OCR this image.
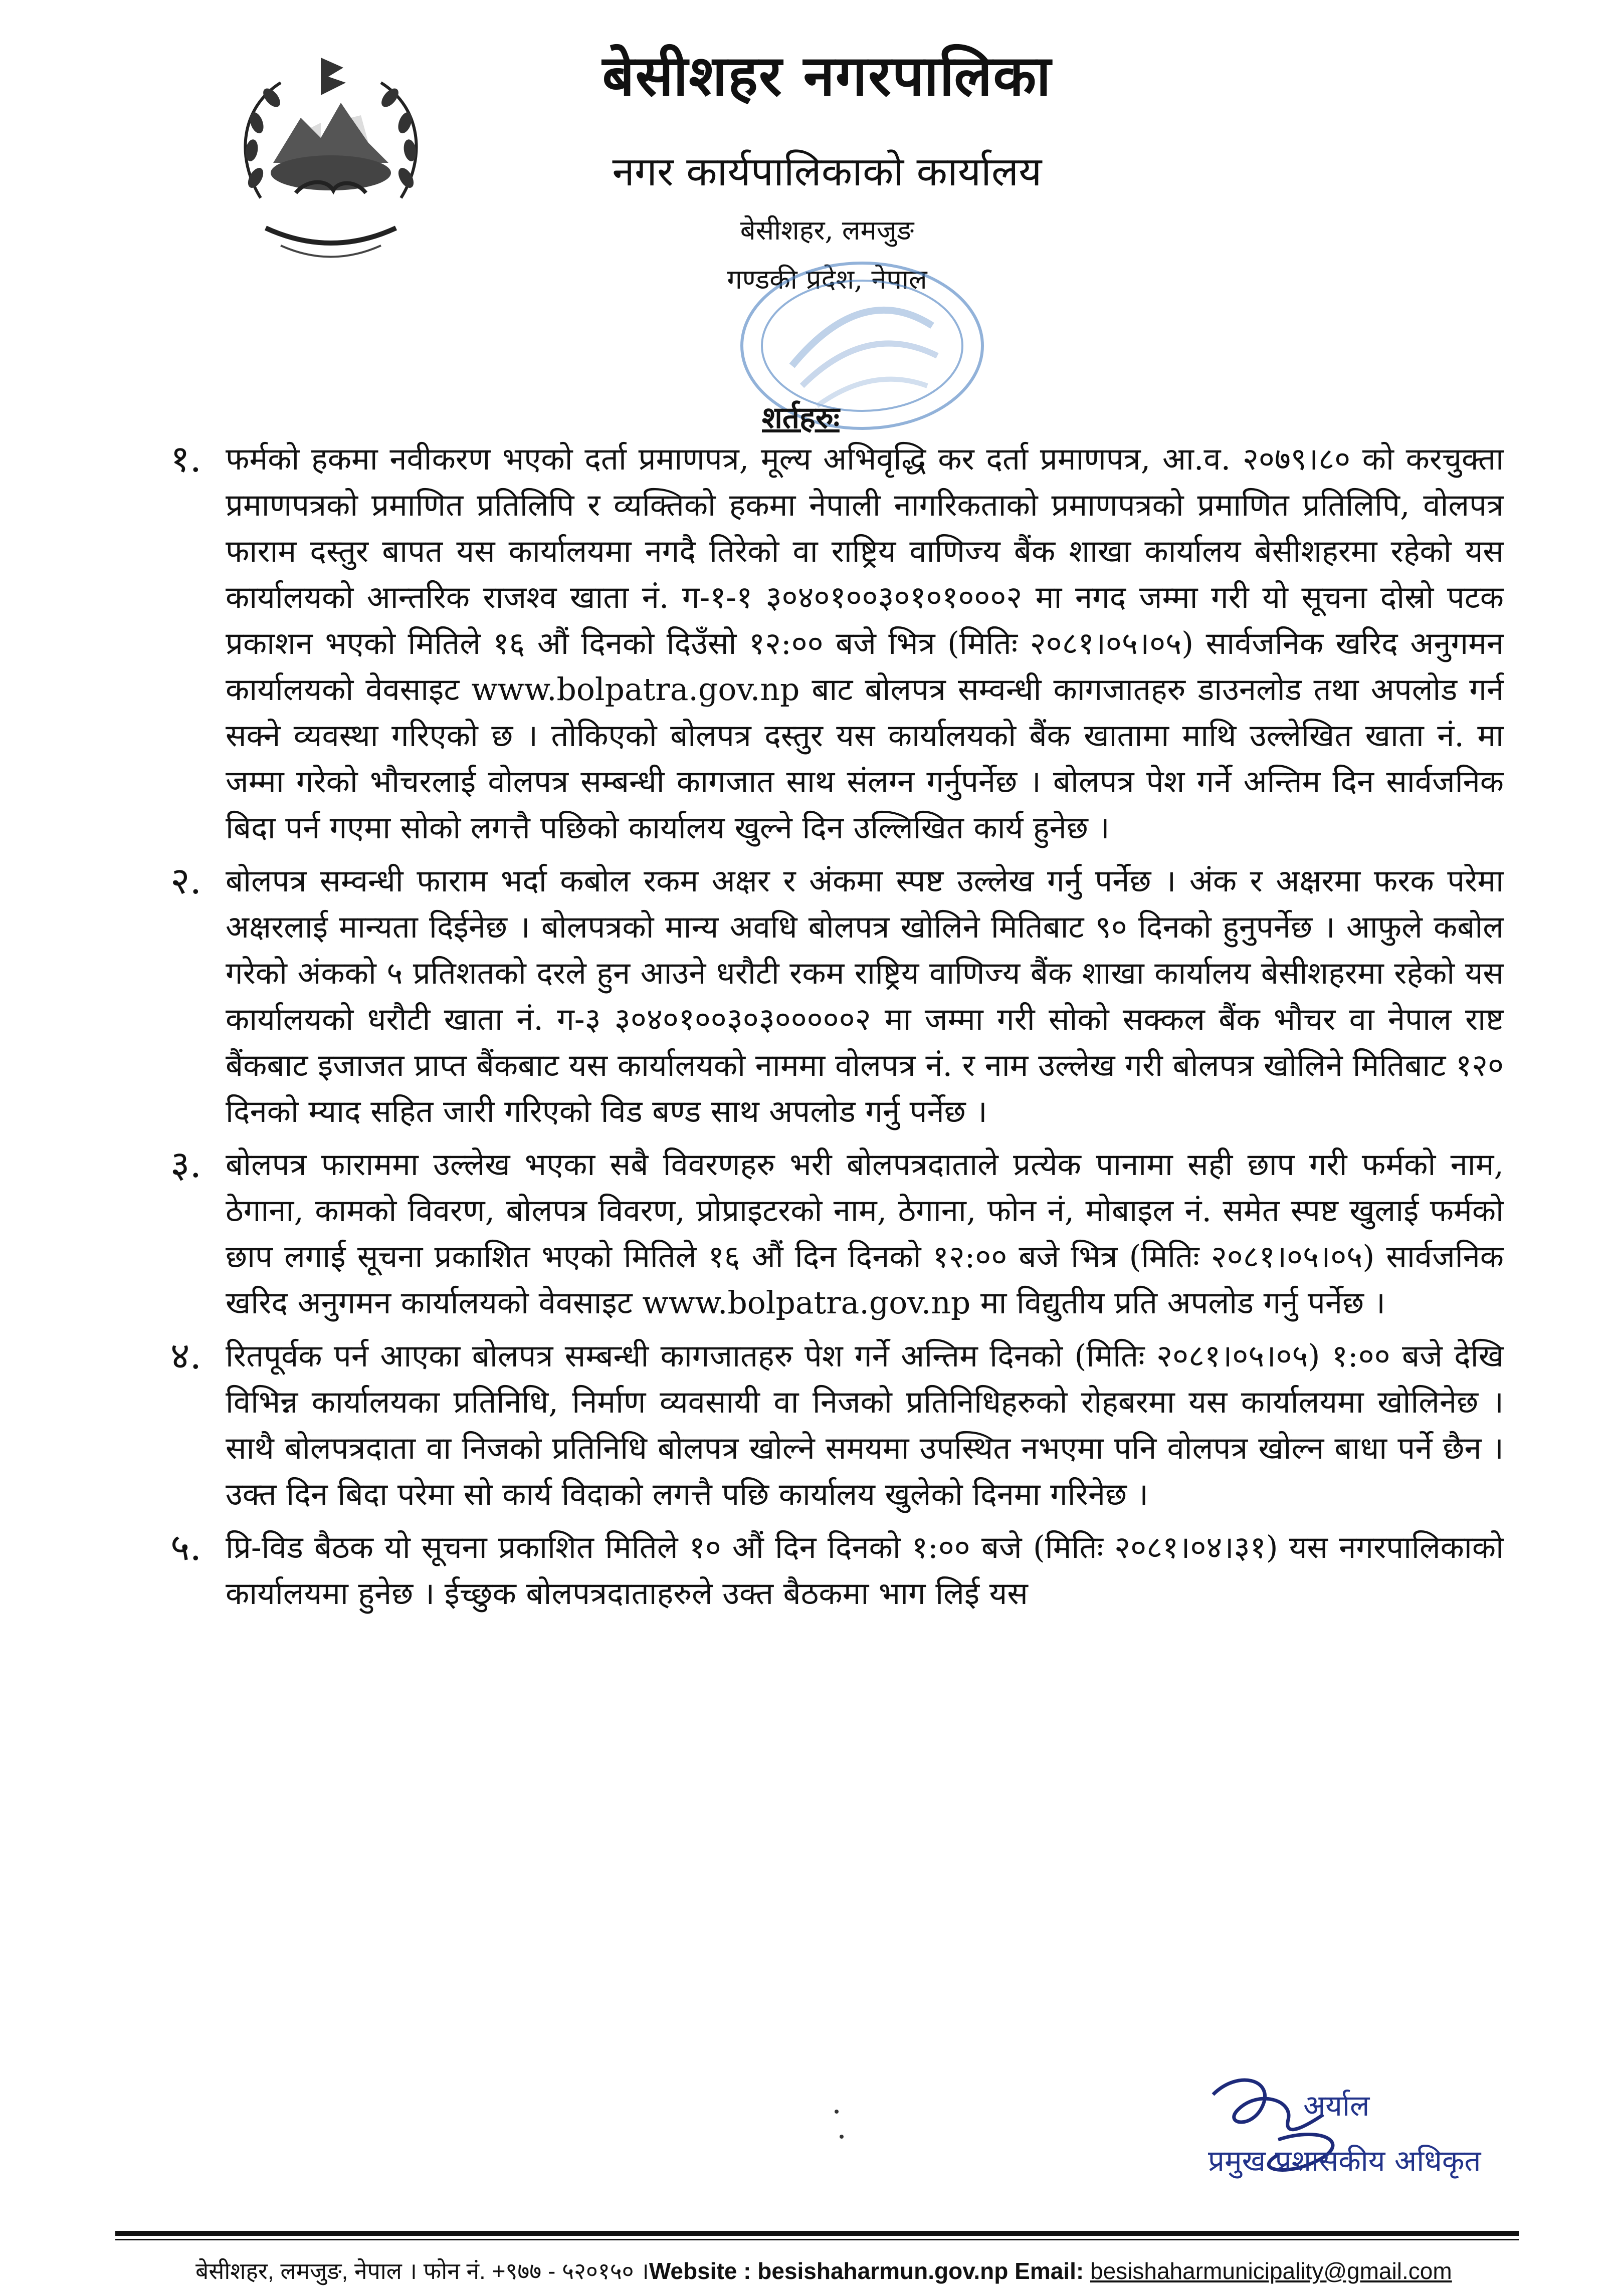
बेसीशहर नगरपालिका
नगर कार्यपालिकाको कार्यालय
बेसीशहर, लमजुङ
गण्डकी प्रदेश, नेपाल
शर्तहरुः
१. फर्मको हकमा नवीकरण भएको दर्ता प्रमाणपत्र, मूल्य अभिवृद्धि कर दर्ता प्रमाणपत्र, आ.व. २०७९।८० को करचुक्ता प्रमाणपत्रको प्रमाणित प्रतिलिपि र व्यक्तिको हकमा नेपाली नागरिकताको प्रमाणपत्रको प्रमाणित प्रतिलिपि, वोलपत्र फाराम दस्तुर बापत यस कार्यालयमा नगदै तिरेको वा राष्ट्रिय वाणिज्य बैंक शाखा कार्यालय बेसीशहरमा रहेको यस कार्यालयको आन्तरिक राजश्व खाता नं. ग-१-१ ३०४०१००३०१०१०००२ मा नगद जम्मा गरी यो सूचना दोस्रो पटक प्रकाशन भएको मितिले १६ औं दिनको दिउँसो १२:०० बजे भित्र (मितिः २०८१।०५।०५) सार्वजनिक खरिद अनुगमन कार्यालयको वेवसाइट www.bolpatra.gov.np बाट बोलपत्र सम्वन्धी कागजातहरु डाउनलोड तथा अपलोड गर्न सक्ने व्यवस्था गरिएको छ । तोकिएको बोलपत्र दस्तुर यस कार्यालयको बैंक खातामा माथि उल्लेखित खाता नं. मा जम्मा गरेको भौचरलाई वोलपत्र सम्बन्धी कागजात साथ संलग्न गर्नुपर्नेछ । बोलपत्र पेश गर्ने अन्तिम दिन सार्वजनिक बिदा पर्न गएमा सोको लगत्तै पछिको कार्यालय खुल्ने दिन उल्लिखित कार्य हुनेछ ।
२. बोलपत्र सम्वन्धी फाराम भर्दा कबोल रकम अक्षर र अंकमा स्पष्ट उल्लेख गर्नु पर्नेछ । अंक र अक्षरमा फरक परेमा अक्षरलाई मान्यता दिईनेछ । बोलपत्रको मान्य अवधि बोलपत्र खोलिने मितिबाट ९० दिनको हुनुपर्नेछ । आफुले कबोल गरेको अंकको ५ प्रतिशतको दरले हुन आउने धरौटी रकम राष्ट्रिय वाणिज्य बैंक शाखा कार्यालय बेसीशहरमा रहेको यस कार्यालयको धरौटी खाता नं. ग-३ ३०४०१००३०३०००००२ मा जम्मा गरी सोको सक्कल बैंक भौचर वा नेपाल राष्ट बैंकबाट इजाजत प्राप्त बैंकबाट यस कार्यालयको नाममा वोलपत्र नं. र नाम उल्लेख गरी बोलपत्र खोलिने मितिबाट १२० दिनको म्याद सहित जारी गरिएको विड बण्ड साथ अपलोड गर्नु पर्नेछ ।
३. बोलपत्र फाराममा उल्लेख भएका सबै विवरणहरु भरी बोलपत्रदाताले प्रत्येक पानामा सही छाप गरी फर्मको नाम, ठेगाना, कामको विवरण, बोलपत्र विवरण, प्रोप्राइटरको नाम, ठेगाना, फोन नं, मोबाइल नं. समेत स्पष्ट खुलाई फर्मको छाप लगाई सूचना प्रकाशित भएको मितिले १६ औं दिन दिनको १२:०० बजे भित्र (मितिः २०८१।०५।०५) सार्वजनिक खरिद अनुगमन कार्यालयको वेवसाइट www.bolpatra.gov.np मा विद्युतीय प्रति अपलोड गर्नु पर्नेछ ।
४. रितपूर्वक पर्न आएका बोलपत्र सम्बन्धी कागजातहरु पेश गर्ने अन्तिम दिनको (मितिः २०८१।०५।०५) १:०० बजे देखि विभिन्न कार्यालयका प्रतिनिधि, निर्माण व्यवसायी वा निजको प्रतिनिधिहरुको रोहबरमा यस कार्यालयमा खोलिनेछ । साथै बोलपत्रदाता वा निजको प्रतिनिधि बोलपत्र खोल्ने समयमा उपस्थित नभएमा पनि वोलपत्र खोल्न बाधा पर्ने छैन । उक्त दिन बिदा परेमा सो कार्य विदाको लगत्तै पछि कार्यालय खुलेको दिनमा गरिनेछ ।
५. प्रि-विड बैठक यो सूचना प्रकाशित मितिले १० औं दिन दिनको १:०० बजे (मितिः २०८१।०४।३१) यस नगरपालिकाको कार्यालयमा हुनेछ । ईच्छुक बोलपत्रदाताहरुले उक्त बैठकमा भाग लिई यस
अर्याल
प्रमुख प्रशासकीय अधिकृत
बेसीशहर, लमजुङ, नेपाल । फोन नं. +९७७ - ५२०१५० ।Website : besishaharmun.gov.np Email: besishaharmunicipality@gmail.com
